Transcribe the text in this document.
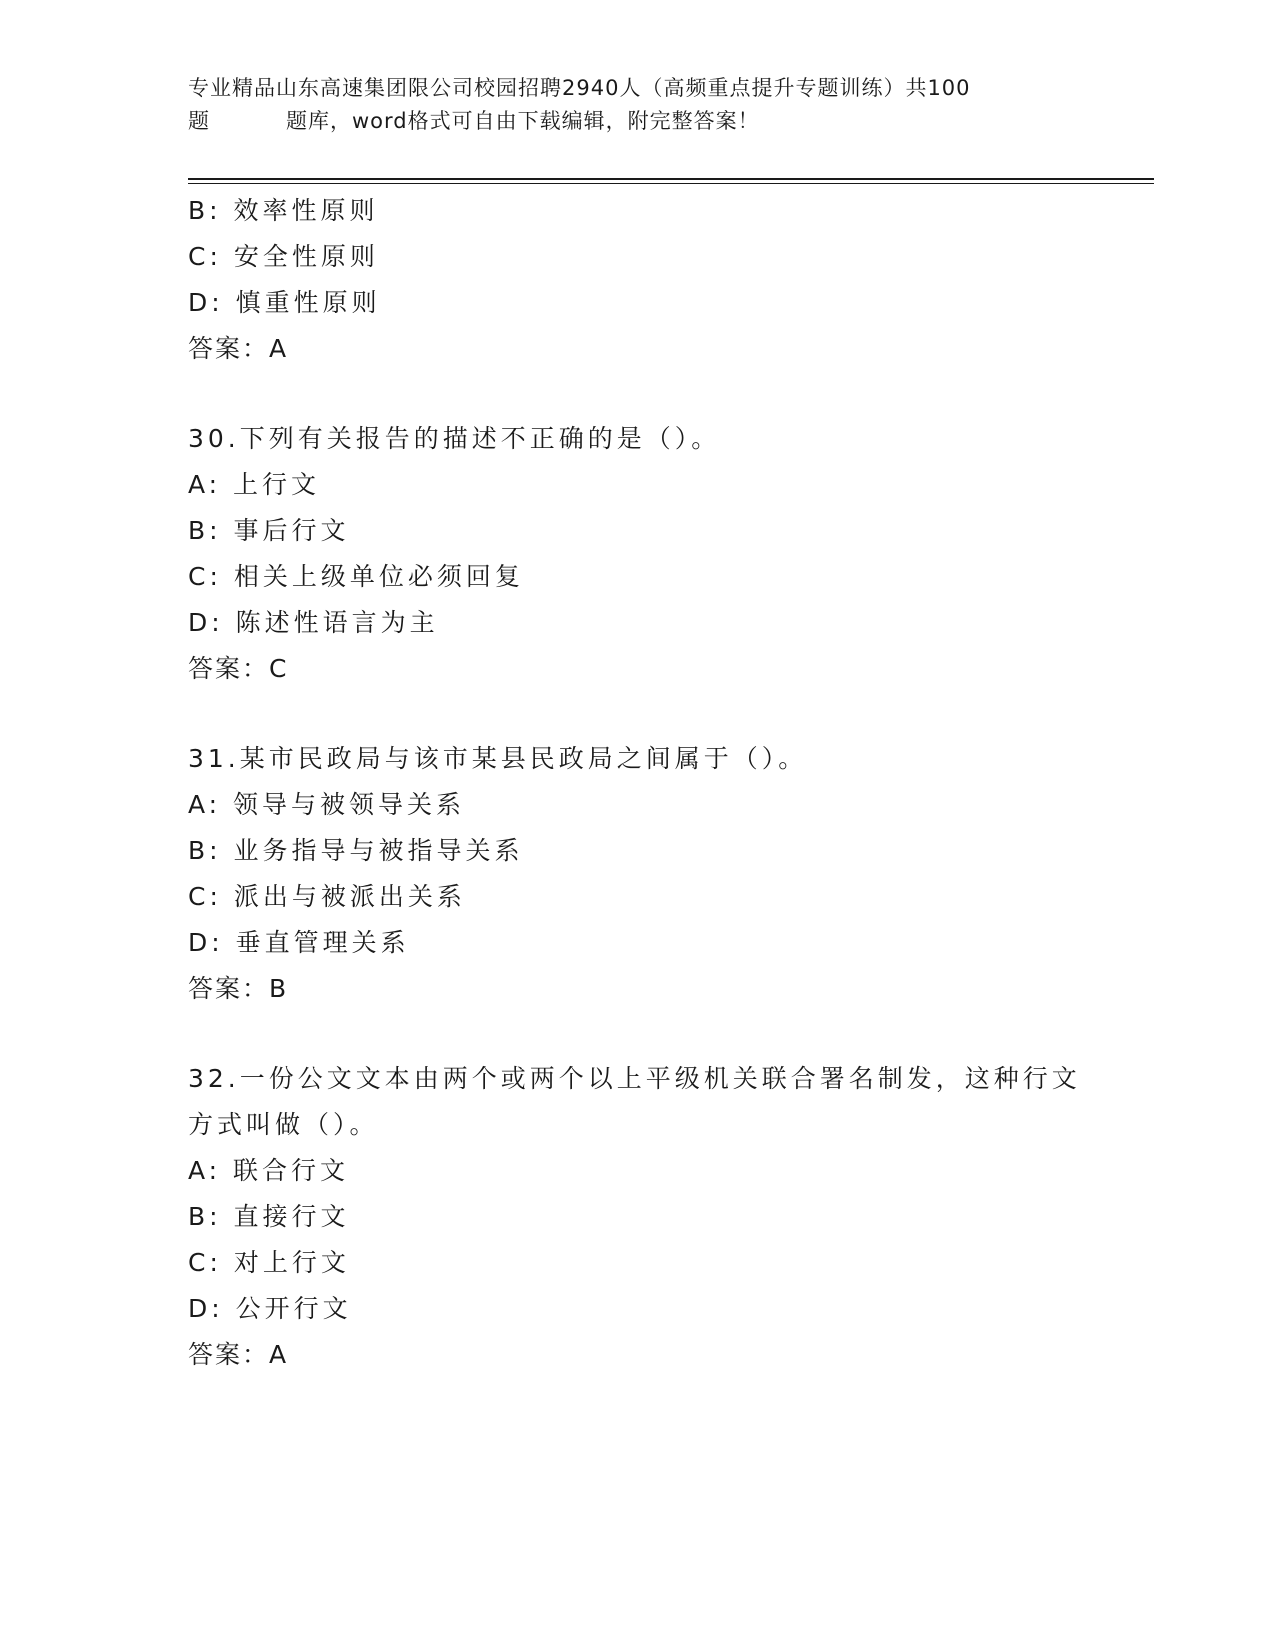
专业精品山东高速集团限公司校园招聘2940人（高频重点提升专题训练）共100
题	题库，word格式可自由下载编辑，附完整答案！
B: 效率性原则
C: 安全性原则
D: 慎重性原则
答案：A
30.下列有关报告的描述不正确的是（）。
A: 上行文
B: 事后行文
C: 相关上级单位必须回复
D: 陈述性语言为主
答案：C
31.某市民政局与该市某县民政局之间属于（）。
A: 领导与被领导关系
B: 业务指导与被指导关系
C: 派出与被派出关系
D: 垂直管理关系
答案：B
32.一份公文文本由两个或两个以上平级机关联合署名制发，这种行文
方式叫做（）。
A: 联合行文
B: 直接行文
C: 对上行文
D: 公开行文
答案：A
